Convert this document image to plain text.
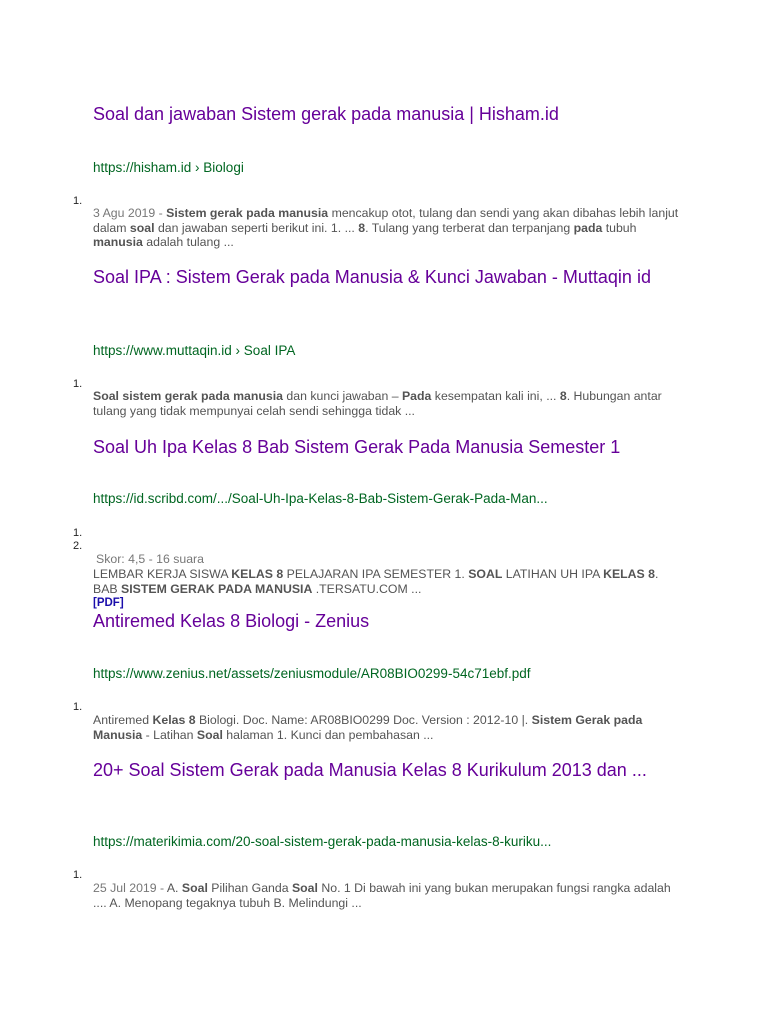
Soal dan jawaban Sistem gerak pada manusia | Hisham.id
https://hisham.id › Biologi
1.
3 Agu 2019 - Sistem gerak pada manusia mencakup otot, tulang dan sendi yang akan dibahas lebih lanjut dalam soal dan jawaban seperti berikut ini. 1. ... 8. Tulang yang terberat dan terpanjang pada tubuh manusia adalah tulang ...
Soal IPA : Sistem Gerak pada Manusia & Kunci Jawaban - Muttaqin id
https://www.muttaqin.id › Soal IPA
1.
Soal sistem gerak pada manusia dan kunci jawaban – Pada kesempatan kali ini, ... 8. Hubungan antar tulang yang tidak mempunyai celah sendi sehingga tidak ...
Soal Uh Ipa Kelas 8 Bab Sistem Gerak Pada Manusia Semester 1
https://id.scribd.com/.../Soal-Uh-Ipa-Kelas-8-Bab-Sistem-Gerak-Pada-Man...
1.
2.
Skor: 4,5 - 16 suara
LEMBAR KERJA SISWA KELAS 8 PELAJARAN IPA SEMESTER 1. SOAL LATIHAN UH IPA KELAS 8. BAB SISTEM GERAK PADA MANUSIA .TERSATU.COM ...
[PDF]
Antiremed Kelas 8 Biologi - Zenius
https://www.zenius.net/assets/zeniusmodule/AR08BIO0299-54c71ebf.pdf
1.
Antiremed Kelas 8 Biologi. Doc. Name: AR08BIO0299 Doc. Version : 2012-10 |. Sistem Gerak pada Manusia - Latihan Soal halaman 1. Kunci dan pembahasan ...
20+ Soal Sistem Gerak pada Manusia Kelas 8 Kurikulum 2013 dan ...
https://materikimia.com/20-soal-sistem-gerak-pada-manusia-kelas-8-kuriku...
1.
25 Jul 2019 - A. Soal Pilihan Ganda Soal No. 1 Di bawah ini yang bukan merupakan fungsi rangka adalah .... A. Menopang tegaknya tubuh B. Melindungi ...
